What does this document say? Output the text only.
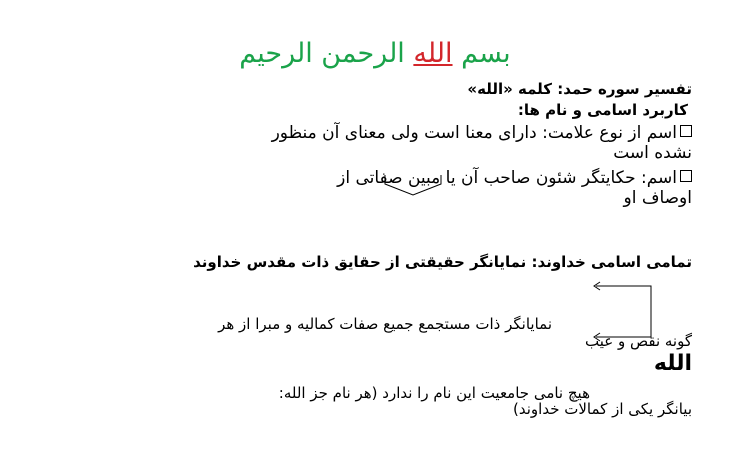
بسم الله الرحمن الرحیم
تفسیر سوره حمد: کلمه «الله»
کاربرد اسامی و نام ها:
اسم از نوع علامت: دارای معنا است ولی معنای آن منظور
نشده است
اسم: حکایتگر شئون صاحب آن یا مبین صفاتی از
اوصاف او
تمامی اسامی خداوند: نمایانگر حقیقتی از حقایق ذات مقدس خداوند
نمایانگر ذات مستجمع جمیع صفات کمالیه و مبرا از هر
گونه نقص و عیب
الله
هیچ نامی جامعیت این نام را ندارد (هر نام جز الله:
بیانگر یکی از کمالات خداوند)
